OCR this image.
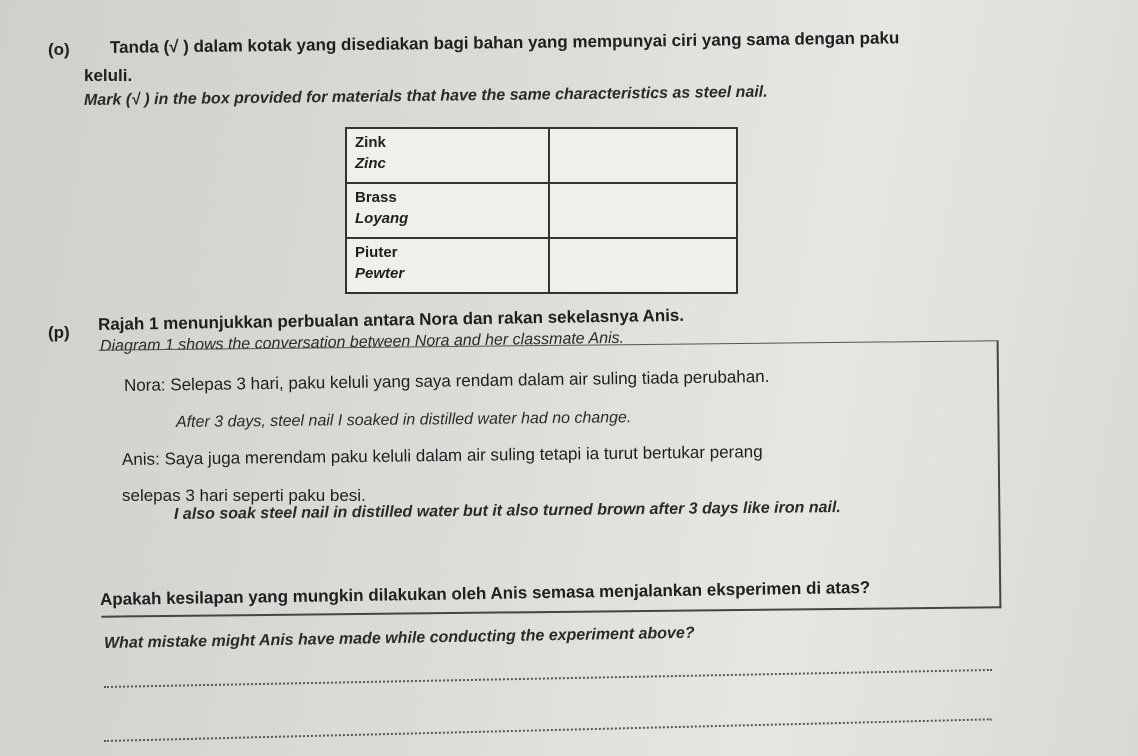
(o) Tanda (√ ) dalam kotak yang disediakan bagi bahan yang mempunyai ciri yang sama dengan paku
keluli.
Mark (√ ) in the box provided for materials that have the same characteristics as steel nail.
Zink
Zinc	

Brass
Loyang	

Piuter
Pewter	

(p) Rajah 1 menunjukkan perbualan antara Nora dan rakan sekelasnya Anis.
Diagram 1 shows the conversation between Nora and her classmate Anis.
Nora: Selepas 3 hari, paku keluli yang saya rendam dalam air suling tiada perubahan.
After 3 days, steel nail I soaked in distilled water had no change.
Anis: Saya juga merendam paku keluli dalam air suling tetapi ia turut bertukar perang
selepas 3 hari seperti paku besi.
I also soak steel nail in distilled water but it also turned brown after 3 days like iron nail.
Apakah kesilapan yang mungkin dilakukan oleh Anis semasa menjalankan eksperimen di atas?
What mistake might Anis have made while conducting the experiment above?
